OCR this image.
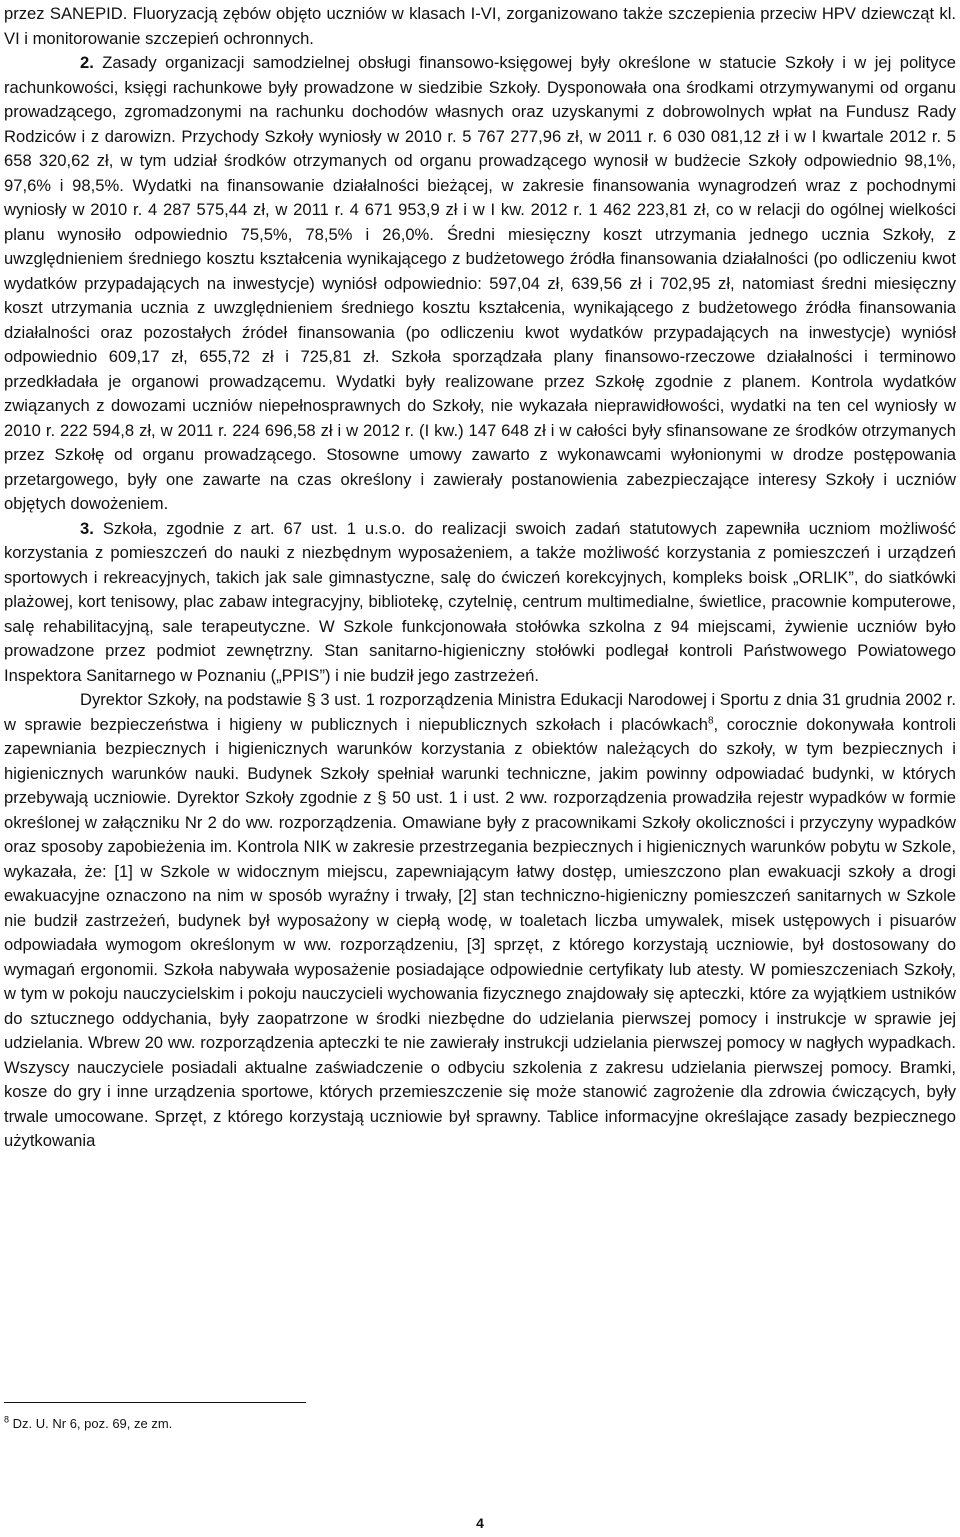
przez SANEPID. Fluoryzacją zębów objęto uczniów w klasach I-VI, zorganizowano także szczepienia przeciw HPV dziewcząt kl. VI i monitorowanie szczepień ochronnych.

2. Zasady organizacji samodzielnej obsługi finansowo-księgowej były określone w statucie Szkoły i w jej polityce rachunkowości, księgi rachunkowe były prowadzone w siedzibie Szkoły. Dysponowała ona środkami otrzymywanymi od organu prowadzącego, zgromadzonymi na rachunku dochodów własnych oraz uzyskanymi z dobrowolnych wpłat na Fundusz Rady Rodziców i z darowizn. Przychody Szkoły wyniosły w 2010 r. 5 767 277,96 zł, w 2011 r. 6 030 081,12 zł i w I kwartale 2012 r. 5 658 320,62 zł, w tym udział środków otrzymanych od organu prowadzącego wynosił w budżecie Szkoły odpowiednio 98,1%, 97,6% i 98,5%. Wydatki na finansowanie działalności bieżącej, w zakresie finansowania wynagrodzeń wraz z pochodnymi wyniosły w 2010 r. 4 287 575,44 zł, w 2011 r. 4 671 953,9 zł i w I kw. 2012 r. 1 462 223,81 zł, co w relacji do ogólnej wielkości planu wynosiło odpowiednio 75,5%, 78,5% i 26,0%. Średni miesięczny koszt utrzymania jednego ucznia Szkoły, z uwzględnieniem średniego kosztu kształcenia wynikającego z budżetowego źródła finansowania działalności (po odliczeniu kwot wydatków przypadających na inwestycje) wyniósł odpowiednio: 597,04 zł, 639,56 zł i 702,95 zł, natomiast średni miesięczny koszt utrzymania ucznia z uwzględnieniem średniego kosztu kształcenia, wynikającego z budżetowego źródła finansowania działalności oraz pozostałych źródeł finansowania (po odliczeniu kwot wydatków przypadających na inwestycje) wyniósł odpowiednio 609,17 zł, 655,72 zł i 725,81 zł. Szkoła sporządzała plany finansowo-rzeczowe działalności i terminowo przedkładała je organowi prowadzącemu. Wydatki były realizowane przez Szkołę zgodnie z planem. Kontrola wydatków związanych z dowozami uczniów niepełnosprawnych do Szkoły, nie wykazała nieprawidłowości, wydatki na ten cel wyniosły w 2010 r. 222 594,8 zł, w 2011 r. 224 696,58 zł i w 2012 r. (I kw.) 147 648 zł i w całości były sfinansowane ze środków otrzymanych przez Szkołę od organu prowadzącego. Stosowne umowy zawarto z wykonawcami wyłonionymi w drodze postępowania przetargowego, były one zawarte na czas określony i zawierały postanowienia zabezpieczające interesy Szkoły i uczniów objętych dowożeniem.

3. Szkoła, zgodnie z art. 67 ust. 1 u.s.o. do realizacji swoich zadań statutowych zapewniła uczniom możliwość korzystania z pomieszczeń do nauki z niezbędnym wyposażeniem, a także możliwość korzystania z pomieszczeń i urządzeń sportowych i rekreacyjnych, takich jak sale gimnastyczne, salę do ćwiczeń korekcyjnych, kompleks boisk „ORLIK”, do siatkówki plażowej, kort tenisowy, plac zabaw integracyjny, bibliotekę, czytelnię, centrum multimedialne, świetlice, pracownie komputerowe, salę rehabilitacyjną, sale terapeutyczne. W Szkole funkcjonowała stołówka szkolna z 94 miejscami, żywienie uczniów było prowadzone przez podmiot zewnętrzny. Stan sanitarno-higieniczny stołówki podlegał kontroli Państwowego Powiatowego Inspektora Sanitarnego w Poznaniu („PPIS”) i nie budził jego zastrzeżeń.

Dyrektor Szkoły, na podstawie § 3 ust. 1 rozporządzenia Ministra Edukacji Narodowej i Sportu z dnia 31 grudnia 2002 r. w sprawie bezpieczeństwa i higieny w publicznych i niepublicznych szkołach i placówkach$^8$, corocznie dokonywała kontroli zapewniania bezpiecznych i higienicznych warunków korzystania z obiektów należących do szkoły, w tym bezpiecznych i higienicznych warunków nauki. Budynek Szkoły spełniał warunki techniczne, jakim powinny odpowiadać budynki, w których przebywają uczniowie. Dyrektor Szkoły zgodnie z § 50 ust. 1 i ust. 2 ww. rozporządzenia prowadziła rejestr wypadków w formie określonej w załączniku Nr 2 do ww. rozporządzenia. Omawiane były z pracownikami Szkoły okoliczności i przyczyny wypadków oraz sposoby zapobieżenia im. Kontrola NIK w zakresie przestrzegania bezpiecznych i higienicznych warunków pobytu w Szkole, wykazała, że: [1] w Szkole w widocznym miejscu, zapewniającym łatwy dostęp, umieszczono plan ewakuacji szkoły a drogi ewakuacyjne oznaczono na nim w sposób wyraźny i trwały, [2] stan techniczno-higieniczny pomieszczeń sanitarnych w Szkole nie budził zastrzeżeń, budynek był wyposażony w ciepłą wodę, w toaletach liczba umywalek, misek ustępowych i pisuarów odpowiadała wymogom określonym w ww. rozporządzeniu, [3] sprzęt, z którego korzystają uczniowie, był dostosowany do wymagań ergonomii. Szkoła nabywała wyposażenie posiadające odpowiednie certyfikaty lub atesty. W pomieszczeniach Szkoły, w tym w pokoju nauczycielskim i pokoju nauczycieli wychowania fizycznego znajdowały się apteczki, które za wyjątkiem ustników do sztucznego oddychania, były zaopatrzone w środki niezbędne do udzielania pierwszej pomocy i instrukcje w sprawie jej udzielania. Wbrew 20 ww. rozporządzenia apteczki te nie zawierały instrukcji udzielania pierwszej pomocy w nagłych wypadkach. Wszyscy nauczyciele posiadali aktualne zaświadczenie o odbyciu szkolenia z zakresu udzielania pierwszej pomocy. Bramki, kosze do gry i inne urządzenia sportowe, których przemieszczenie się może stanowić zagrożenie dla zdrowia ćwiczących, były trwale umocowane. Sprzęt, z którego korzystają uczniowie był sprawny. Tablice informacyjne określające zasady bezpiecznego użytkowania

$^8$ Dz. U. Nr 6, poz. 69, ze zm.
4
